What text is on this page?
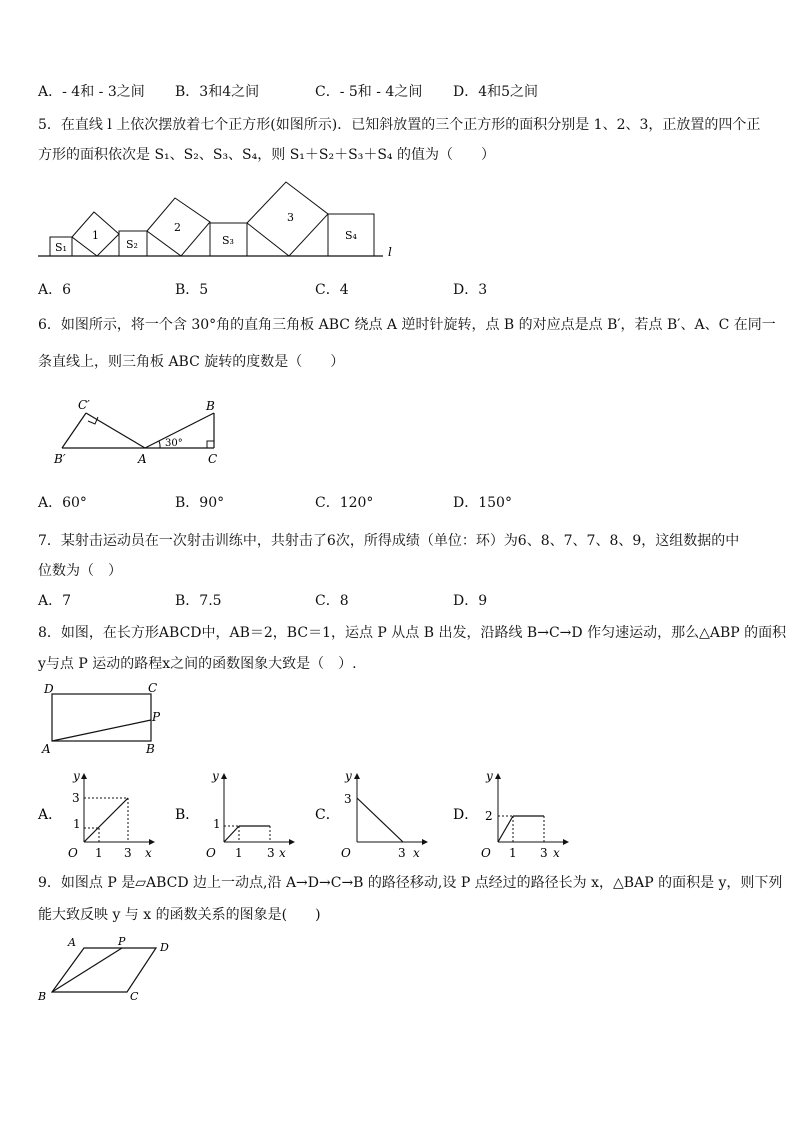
A．- 4和 - 3之间 B．3和4之间	C．- 5和 - 4之间 D．4和5之间
5．在直线 l 上依次摆放着七个正方形(如图所示)．已知斜放置的三个正方形的面积分别是 1、2、3，正放置的四个正
方形的面积依次是 S₁、S₂、S₃、S₄，则 S₁＋S₂＋S₃＋S₄ 的值为（　　）
l
S₁
1
S₂
2
S₃
3
S₄
A．6	B．5	C．4	D．3
6．如图所示，将一个含 30°角的直角三角板 ABC 绕点 A 逆时针旋转，点 B 的对应点是点 B′，若点 B′、A、C 在同一
条直线上，则三角板 ABC 旋转的度数是（　　）
C′
B′	A
B
C
30°
A．60°	B．90°	C．120°	D．150°
7．某射击运动员在一次射击训练中，共射击了6次，所得成绩（单位：环）为6、8、7、7、8、9，这组数据的中
位数为（　）
A．7	B．7.5	C．8	D．9
8．如图，在长方形ABCD中，AB＝2，BC＝1，运点 P 从点 B 出发，沿路线 B→C→D 作匀速运动，那么△ABP 的面积
y与点 P 运动的路程x之间的函数图象大致是（　）.
D	C
P
A	B
A．
y
x
O
3
1
1 3
B．
y
x
O
1
1 3
C．
y
x
O
3
3
D．
y
x
O
2
1 3
9．如图点 P 是▱ABCD 边上一动点,沿 A→D→C→B 的路径移动,设 P 点经过的路径长为 x，△BAP 的面积是 y，则下列
能大致反映 y 与 x 的函数关系的图象是(　　)
A	P	D
B	C
